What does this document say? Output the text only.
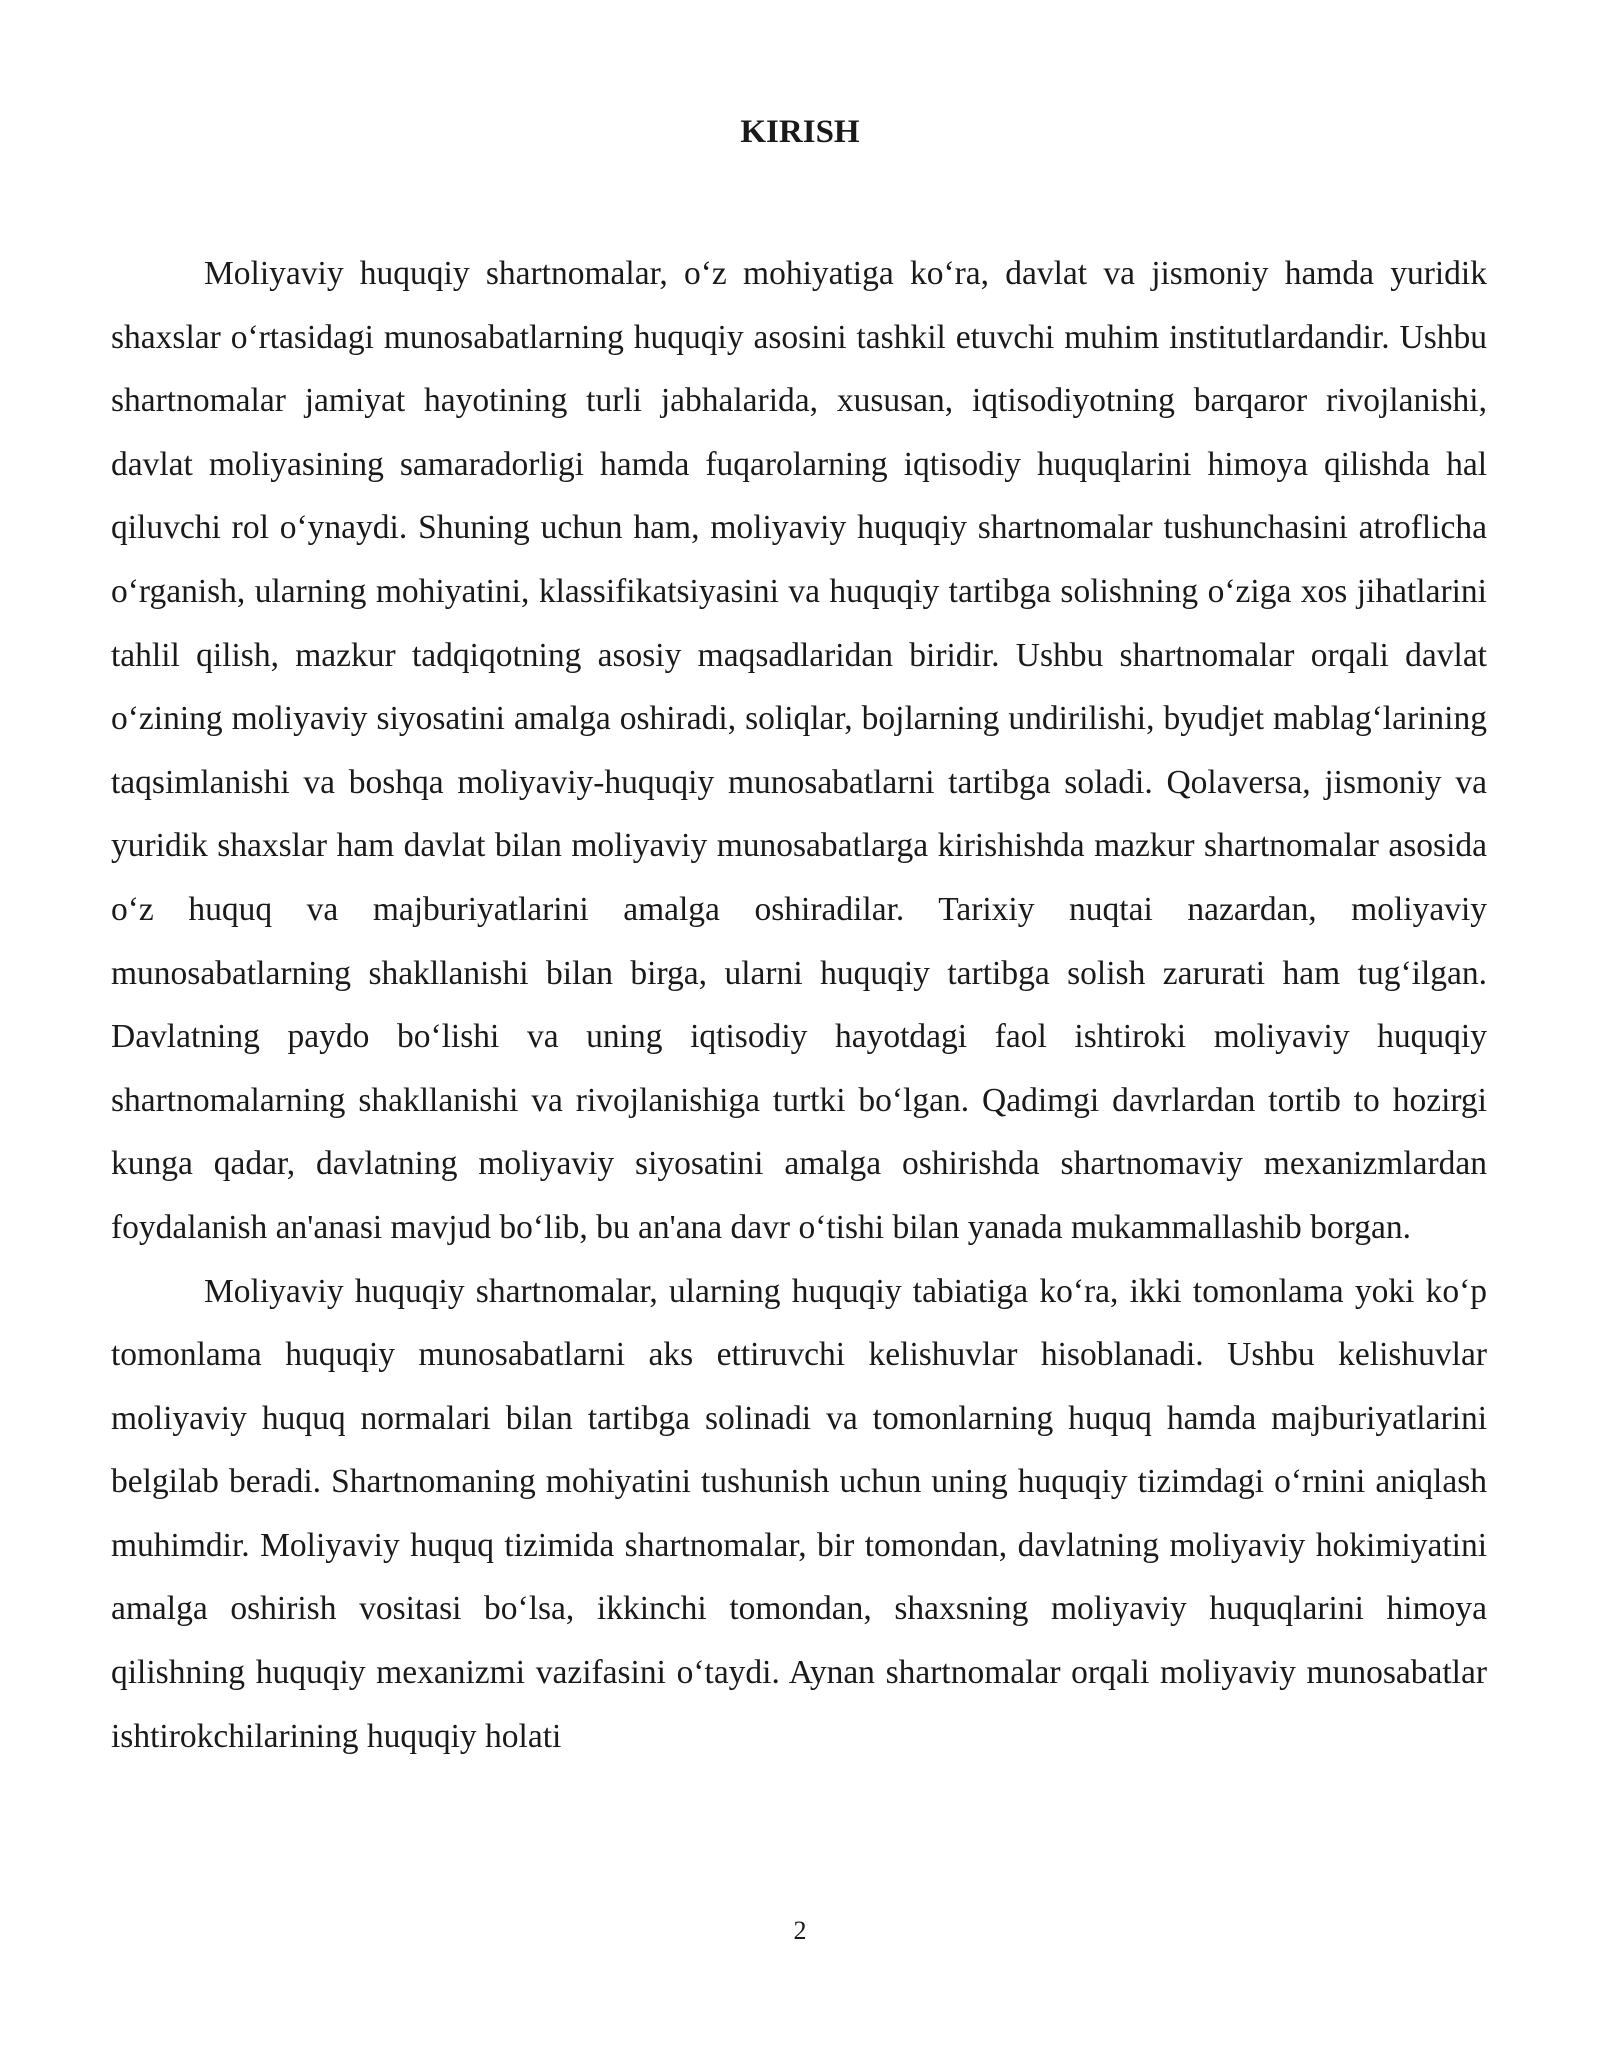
KIRISH

Moliyaviy huquqiy shartnomalar, o‘z mohiyatiga ko‘ra, davlat va jismoniy hamda yuridik shaxslar o‘rtasidagi munosabatlarning huquqiy asosini tashkil etuvchi muhim institutlardandir. Ushbu shartnomalar jamiyat hayotining turli jabhalarida, xususan, iqtisodiyotning barqaror rivojlanishi, davlat moliyasining samaradorligi hamda fuqarolarning iqtisodiy huquqlarini himoya qilishda hal qiluvchi rol o‘ynaydi. Shuning uchun ham, moliyaviy huquqiy shartnomalar tushunchasini atroflicha o‘rganish, ularning mohiyatini, klassifikatsiyasini va huquqiy tartibga solishning o‘ziga xos jihatlarini tahlil qilish, mazkur tadqiqotning asosiy maqsadlaridan biridir. Ushbu shartnomalar orqali davlat o‘zining moliyaviy siyosatini amalga oshiradi, soliqlar, bojlarning undirilishi, byudjet mablag‘larining taqsimlanishi va boshqa moliyaviy-huquqiy munosabatlarni tartibga soladi. Qolaversa, jismoniy va yuridik shaxslar ham davlat bilan moliyaviy munosabatlarga kirishishda mazkur shartnomalar asosida o‘z huquq va majburiyatlarini amalga oshiradilar. Tarixiy nuqtai nazardan, moliyaviy munosabatlarning shakllanishi bilan birga, ularni huquqiy tartibga solish zarurati ham tug‘ilgan. Davlatning paydo bo‘lishi va uning iqtisodiy hayotdagi faol ishtiroki moliyaviy huquqiy shartnomalarning shakllanishi va rivojlanishiga turtki bo‘lgan. Qadimgi davrlardan tortib to hozirgi kunga qadar, davlatning moliyaviy siyosatini amalga oshirishda shartnomaviy mexanizmlardan foydalanish an'anasi mavjud bo‘lib, bu an'ana davr o‘tishi bilan yanada mukammallashib borgan.

Moliyaviy huquqiy shartnomalar, ularning huquqiy tabiatiga ko‘ra, ikki tomonlama yoki ko‘p tomonlama huquqiy munosabatlarni aks ettiruvchi kelishuvlar hisoblanadi. Ushbu kelishuvlar moliyaviy huquq normalari bilan tartibga solinadi va tomonlarning huquq hamda majburiyatlarini belgilab beradi. Shartnomaning mohiyatini tushunish uchun uning huquqiy tizimdagi o‘rnini aniqlash muhimdir. Moliyaviy huquq tizimida shartnomalar, bir tomondan, davlatning moliyaviy hokimiyatini amalga oshirish vositasi bo‘lsa, ikkinchi tomondan, shaxsning moliyaviy huquqlarini himoya qilishning huquqiy mexanizmi vazifasini o‘taydi. Aynan shartnomalar orqali moliyaviy munosabatlar ishtirokchilarining huquqiy holati

2
